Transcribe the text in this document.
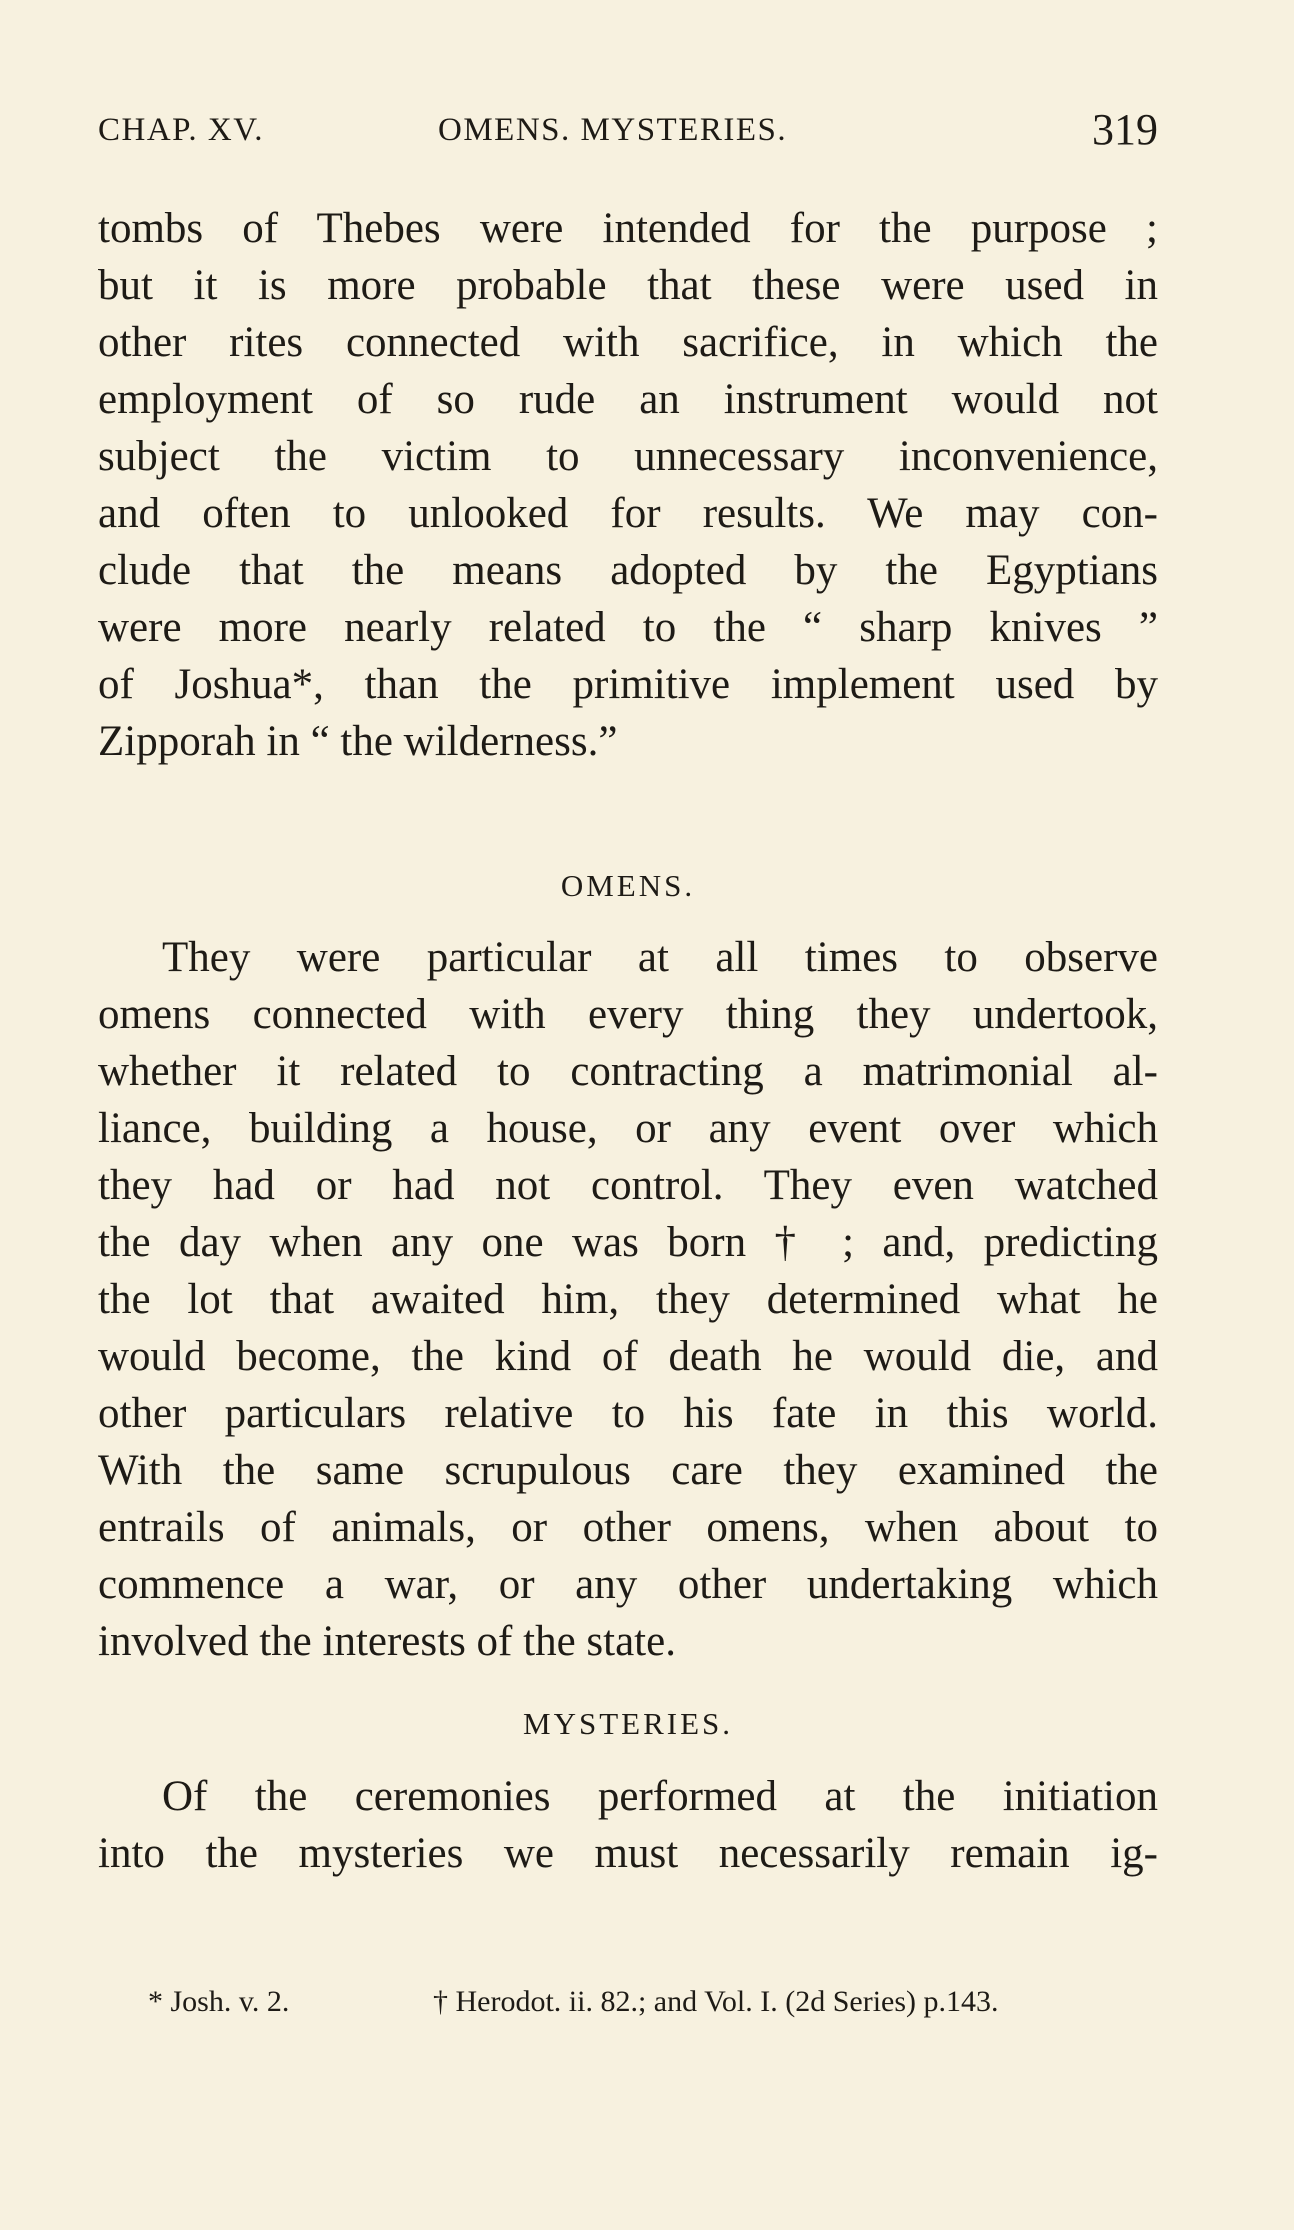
CHAP. XV.	OMENS. MYSTERIES.	319
tombs of Thebes were intended for the purpose ;
but it is more probable that these were used in
other rites connected with sacrifice, in which the
employment of so rude an instrument would not
subject the victim to unnecessary inconvenience,
and often to unlooked for results. We may con-
clude that the means adopted by the Egyptians
were more nearly related to the “ sharp knives ”
of Joshua*, than the primitive implement used by
Zipporah in “ the wilderness.”
OMENS.
They were particular at all times to observe
omens connected with every thing they undertook,
whether it related to contracting a matrimonial al-
liance, building a house, or any event over which
they had or had not control. They even watched
the day when any one was born † ; and, predicting
the lot that awaited him, they determined what he
would become, the kind of death he would die, and
other particulars relative to his fate in this world.
With the same scrupulous care they examined the
entrails of animals, or other omens, when about to
commence a war, or any other undertaking which
involved the interests of the state.
MYSTERIES.
Of the ceremonies performed at the initiation
into the mysteries we must necessarily remain ig-
* Josh. v. 2.	† Herodot. ii. 82.; and Vol. I. (2d Series) p.143.
